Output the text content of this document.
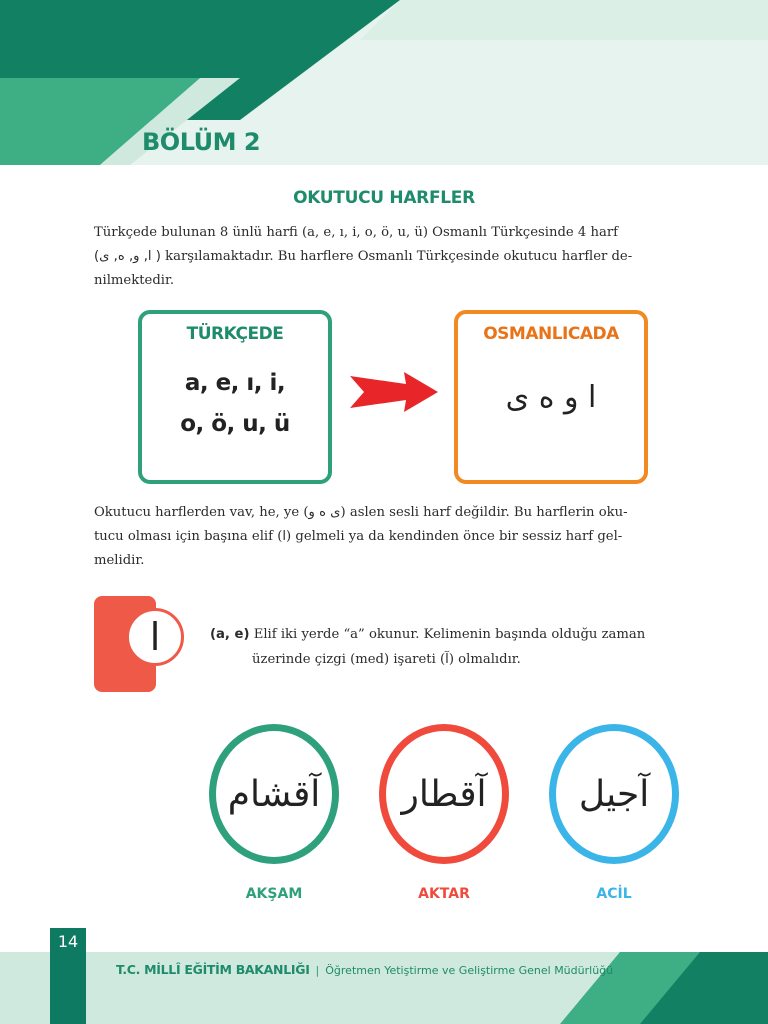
BÖLÜM 2
OKUTUCU HARFLER
Türkçede bulunan 8 ünlü harfi (a, e, ı, i, o, ö, u, ü) Osmanlı Türkçesinde 4 harf
(ا, و, ه, ى ) karşılamaktadır. Bu harflere Osmanlı Türkçesinde okutucu harfler de-
nilmektedir.
TÜRKÇEDE
a, e, ı, i,
o, ö, u, ü
OSMANLICADA
ا و ه ى
Okutucu harflerden vav, he, ye (ى ه و) aslen sesli harf değildir. Bu harflerin oku-
tucu olması için başına elif (ا) gelmeli ya da kendinden önce bir sessiz harf gel-
melidir.
ا	(a, e) Elif iki yerde “a” okunur. Kelimenin başında olduğu zaman
üzerinde çizgi (med) işareti (آ) olmalıdır.
آقشام	آقطار	آجيل
AKŞAM	AKTAR	ACİL
14
T.C. MİLLÎ EĞİTİM BAKANLIĞI | Öğretmen Yetiştirme ve Geliştirme Genel Müdürlüğü
